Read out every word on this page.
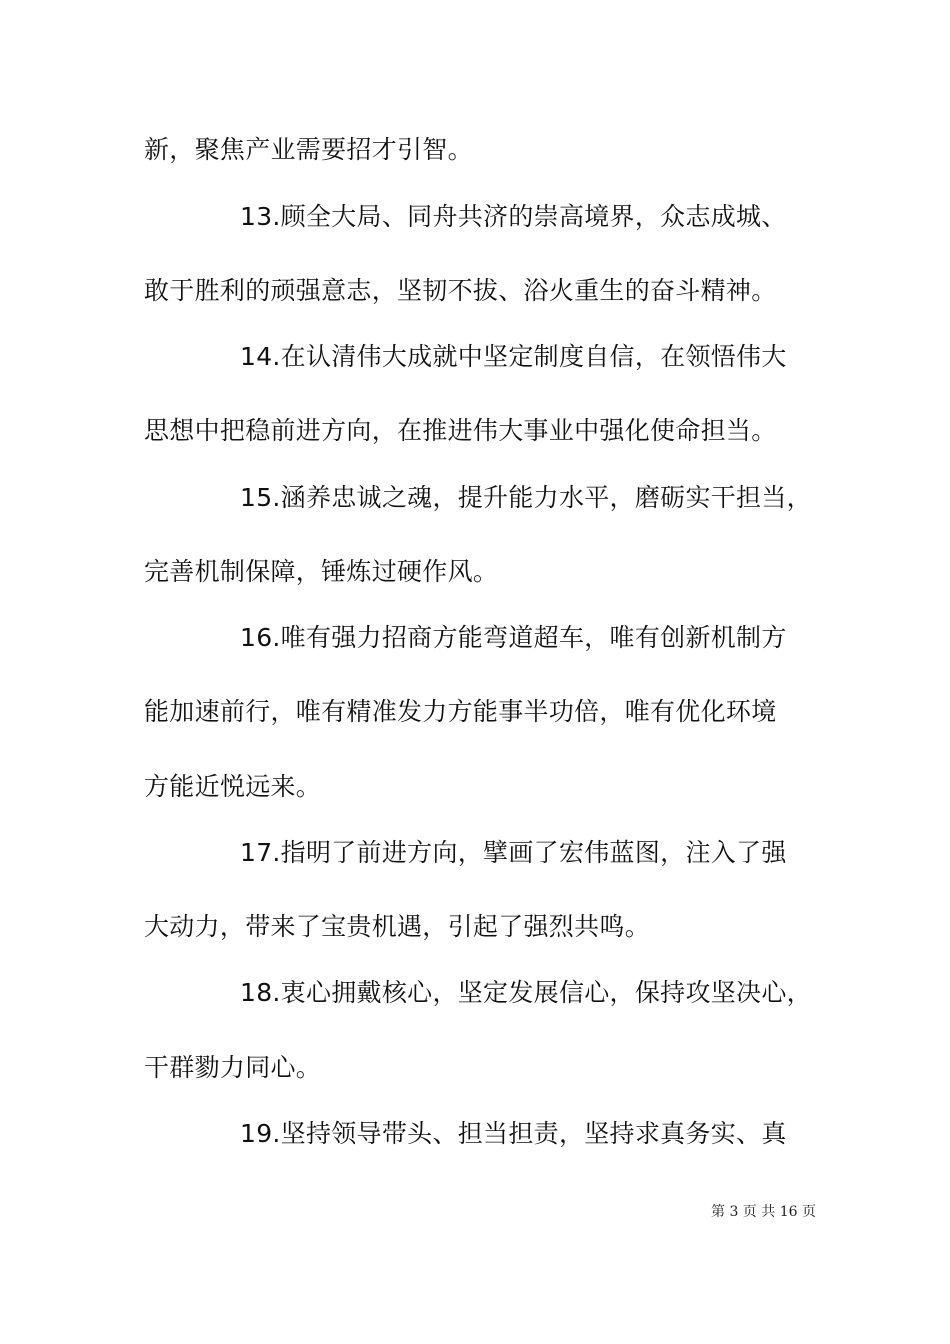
新，聚焦产业需要招才引智。
13.顾全大局、同舟共济的崇高境界，众志成城、
敢于胜利的顽强意志，坚韧不拔、浴火重生的奋斗精神。
14.在认清伟大成就中坚定制度自信，在领悟伟大
思想中把稳前进方向，在推进伟大事业中强化使命担当。
15.涵养忠诚之魂，提升能力水平，磨砺实干担当，
完善机制保障，锤炼过硬作风。
16.唯有强力招商方能弯道超车，唯有创新机制方
能加速前行，唯有精准发力方能事半功倍，唯有优化环境
方能近悦远来。
17.指明了前进方向，擘画了宏伟蓝图，注入了强
大动力，带来了宝贵机遇，引起了强烈共鸣。
18.衷心拥戴核心，坚定发展信心，保持攻坚决心，
干群勠力同心。
19.坚持领导带头、担当担责，坚持求真务实、真
第 3 页 共 16 页
